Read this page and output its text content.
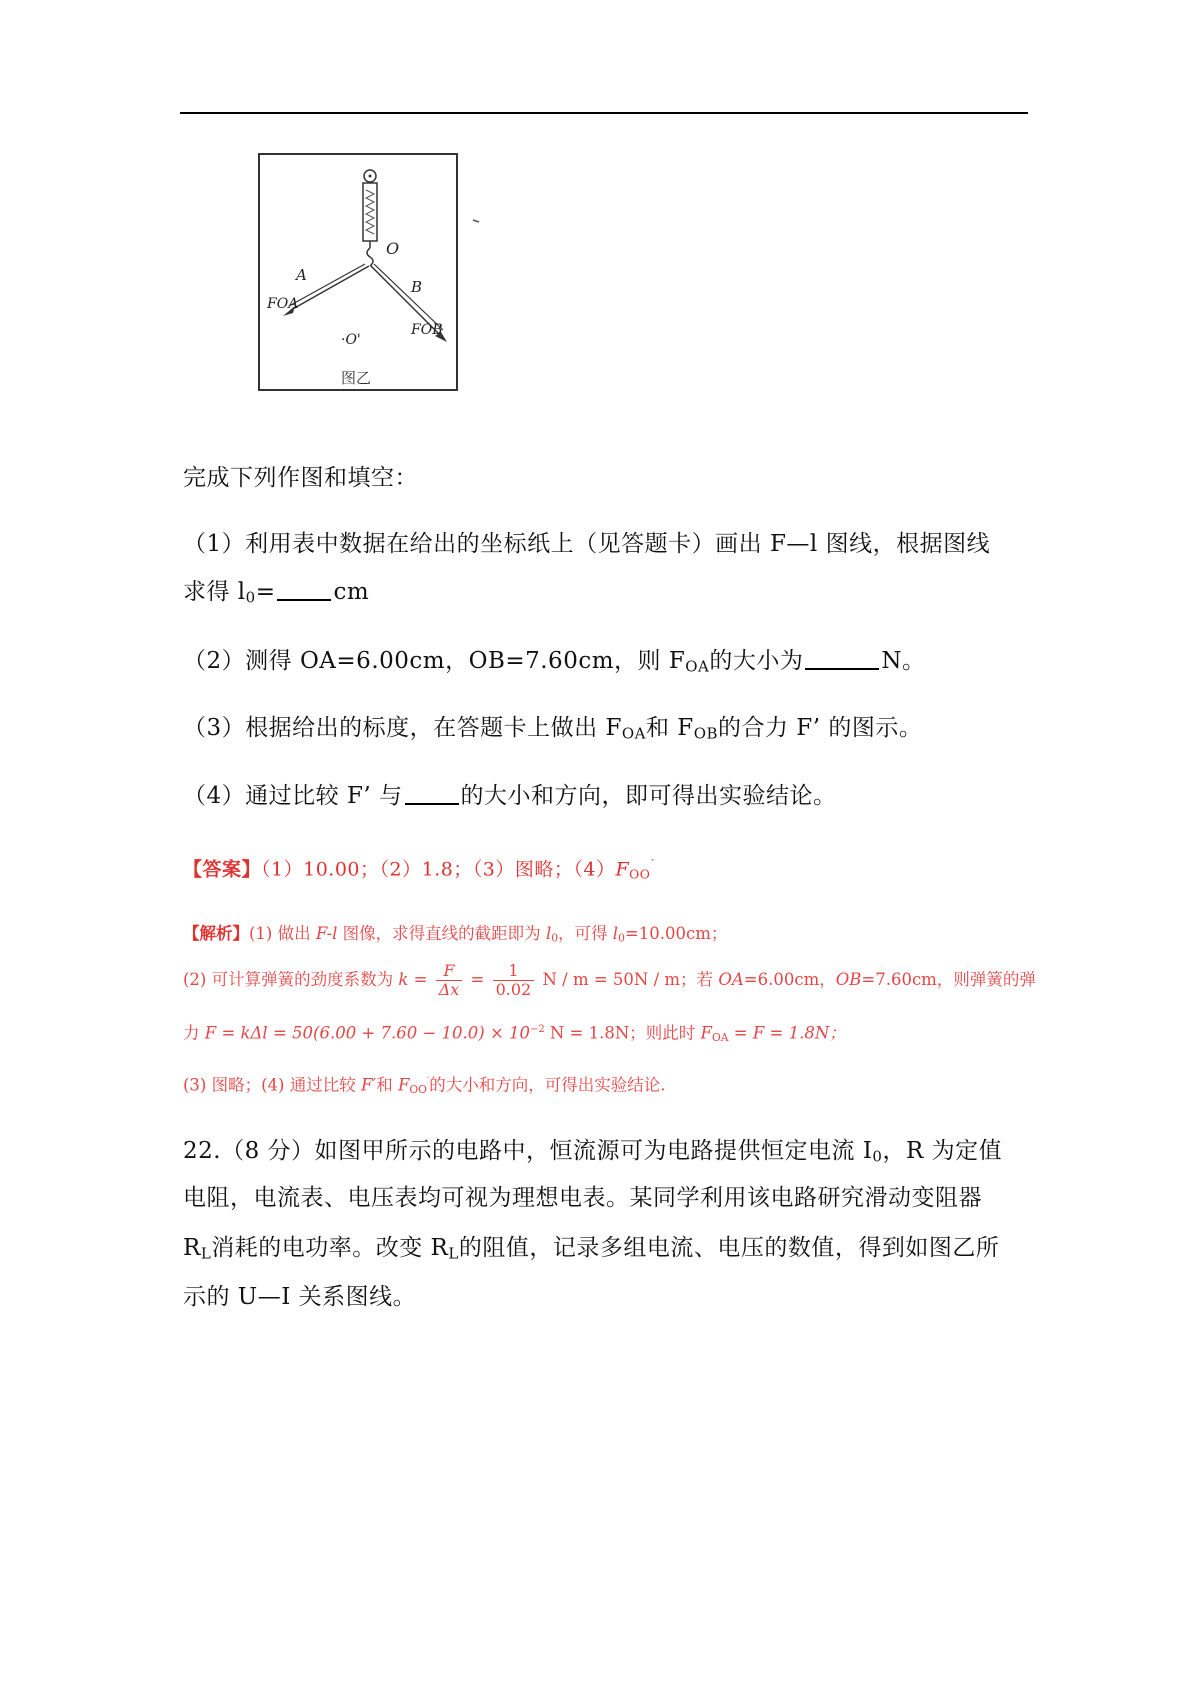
O
A
B
FOA
FOB
·O'
图乙
完成下列作图和填空：
（1）利用表中数据在给出的坐标纸上（见答题卡）画出 F—l 图线，根据图线
求得 $l_0=$	cm
（2）测得 OA=6.00cm，OB=7.60cm，则 $F_{OA}$的大小为	N。
（3）根据给出的标度，在答题卡上做出 $F_{OA}$和 $F_{OB}$的合力 F’ 的图示。
（4）通过比较 F’ 与	的大小和方向，即可得出实验结论。
【答案】（1）10.00；（2）1.8；（3）图略；$(4)F_{OO}^`$
【解析】(1) 做出 F-l 图像，求得直线的截距即为 $l_0$，可得 $l_0=10.00cm$；
(2) 可计算弹簧的劲度系数为 $k = \frac{F}{\Delta x} = \frac{1}{0.02}$ N / m = 50N / m；若 OA=6.00cm，OB=7.60cm，则弹簧的弹
力 $F = k\Delta l = 50(6.00 + 7.60 - 10.0) \times 10^{-2}$ N = 1.8N；则此时 $F_{OA} = F = 1.8N$；
(3) 图略；(4) 通过比较 F′和 $F_{OO}'$的大小和方向，可得出实验结论.
22.（8 分）如图甲所示的电路中，恒流源可为电路提供恒定电流 $I_0$，R 为定值
电阻，电流表、电压表均可视为理想电表。某同学利用该电路研究滑动变阻器
$R_L$消耗的电功率。改变 $R_L$的阻值，记录多组电流、电压的数值，得到如图乙所
示的 U—I 关系图线。
